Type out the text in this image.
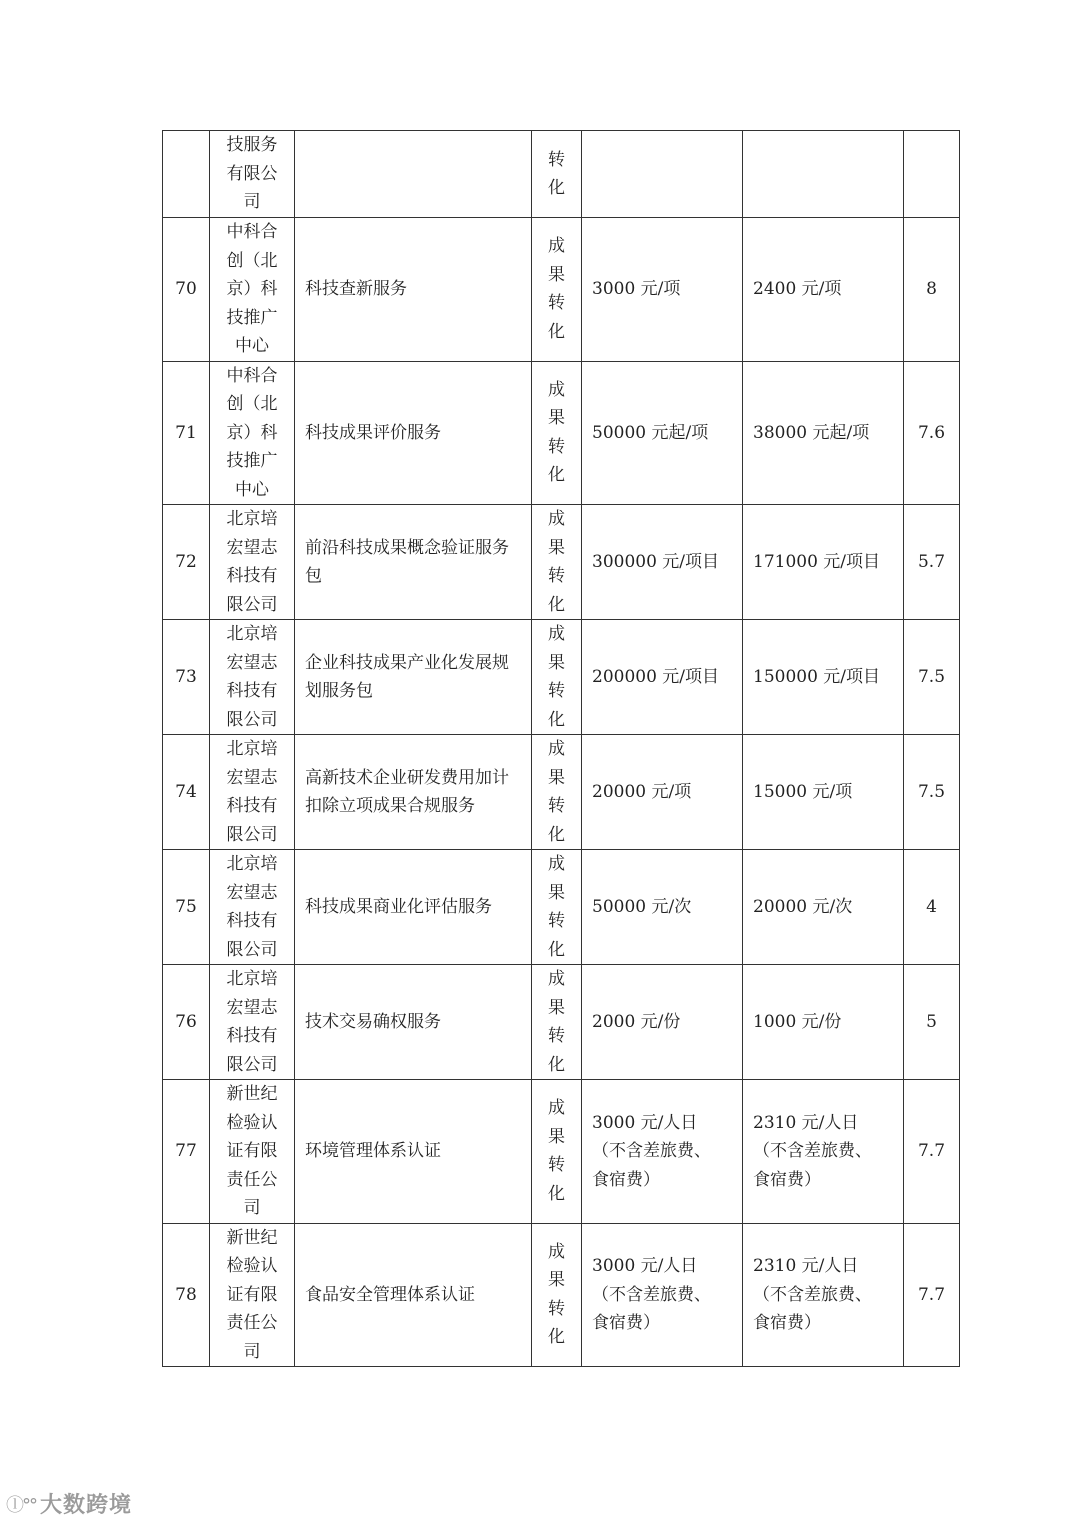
	技服务有限公司		转化	

70	中科合创（北京）科技推广中心	科技查新服务	成果转化	3000 元/项	2400 元/项	8
71	中科合创（北京）科技推广中心	科技成果评价服务	成果转化	50000 元起/项	38000 元起/项	7.6
72	北京培宏望志科技有限公司	前沿科技成果概念验证服务包	成果转化	300000 元/项目	171000 元/项目	5.7
73	北京培宏望志科技有限公司	企业科技成果产业化发展规划服务包	成果转化	200000 元/项目	150000 元/项目	7.5
74	北京培宏望志科技有限公司	高新技术企业研发费用加计扣除立项成果合规服务	成果转化	20000 元/项	15000 元/项	7.5
75	北京培宏望志科技有限公司	科技成果商业化评估服务	成果转化	50000 元/次	20000 元/次	4
76	北京培宏望志科技有限公司	技术交易确权服务	成果转化	2000 元/份	1000 元/份	5
77	新世纪检验认证有限责任公司	环境管理体系认证	成果转化	3000 元/人日
（不含差旅费、
食宿费）	2310 元/人日
（不含差旅费、
食宿费）	7.7
78	新世纪检验认证有限责任公司	食品安全管理体系认证	成果转化	3000 元/人日
（不含差旅费、
食宿费）	2310 元/人日
（不含差旅费、
食宿费）	7.7
ⓛ°° 大数跨境
